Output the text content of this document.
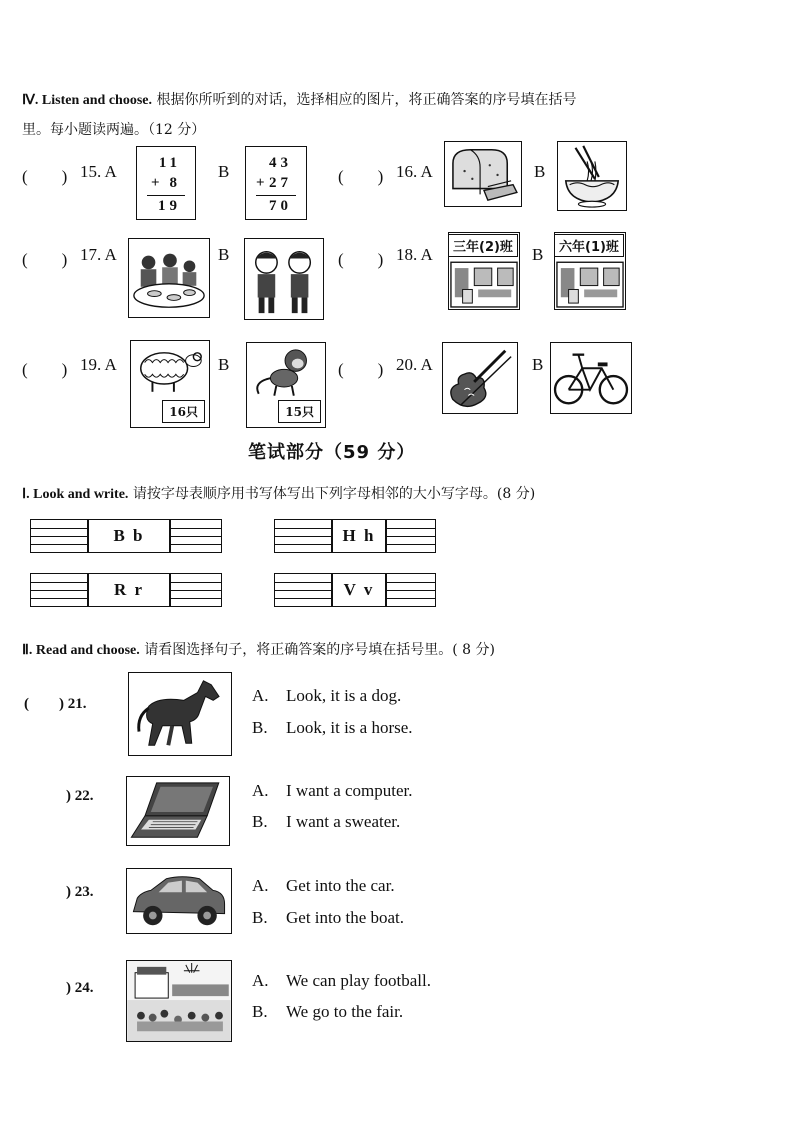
Ⅳ. Listen and choose. 根据你所听到的对话，选择相应的图片，将正确答案的序号填在括号
里。每小题读两遍。（12 分）
(　　) 15. A	11
+ 8
19
B	43
+ 27
70
(　　) 16. A	B
(　　) 17. A	B	(　　) 18. A	三年(2)班 B	六年(1)班
(　　) 19. A
16只
B
15只
(　　) 20. A	B
笔试部分（59 分）
Ⅰ. Look and write. 请按字母表顺序用书写体写出下列字母相邻的大小写字母。(8 分)
B b	H h
R r	V v
Ⅱ. Read and choose. 请看图选择句子，将正确答案的序号填在括号里。( 8 分)
(　　) 21.	A. Look, it is a dog.
B. Look, it is a horse.
) 22.	A. I want a computer.
B. I want a sweater.
) 23.	A. Get into the car.
B. Get into the boat.
) 24.	A. We can play football.
B. We go to the fair.
